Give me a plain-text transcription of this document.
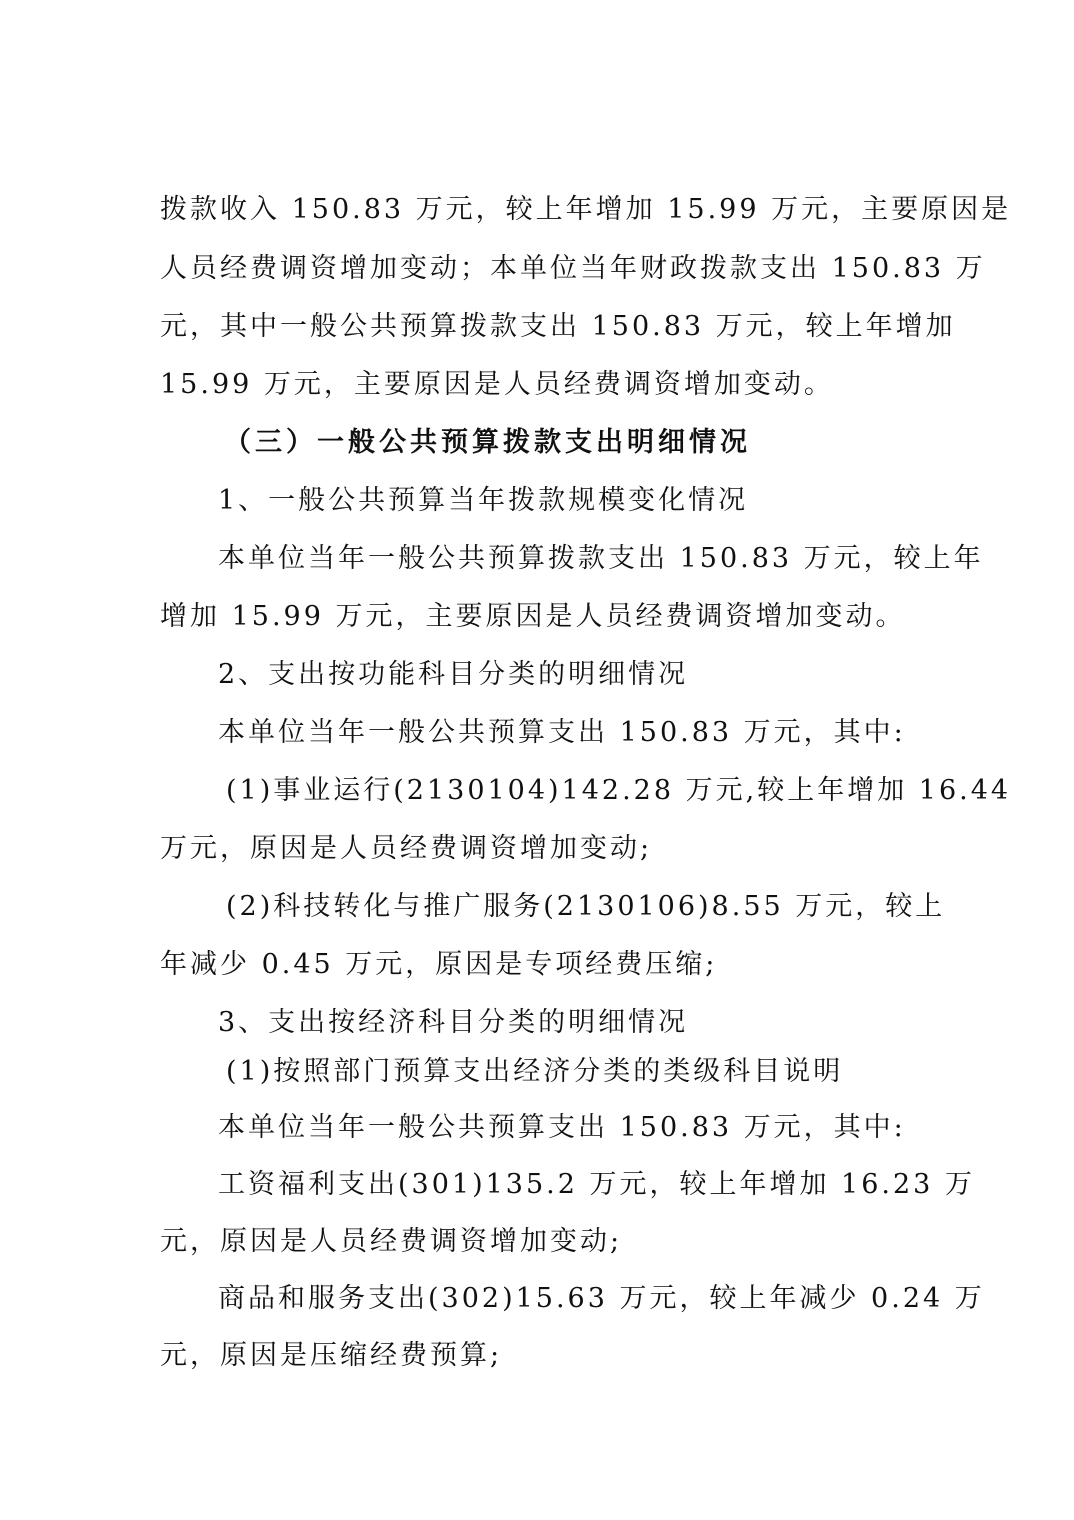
拨款收入 150.83 万元，较上年增加 15.99 万元，主要原因是
人员经费调资增加变动；本单位当年财政拨款支出 150.83 万
元，其中一般公共预算拨款支出 150.83 万元，较上年增加
15.99 万元，主要原因是人员经费调资增加变动。
（三）一般公共预算拨款支出明细情况
1、一般公共预算当年拨款规模变化情况
本单位当年一般公共预算拨款支出 150.83 万元，较上年
增加 15.99 万元，主要原因是人员经费调资增加变动。
2、支出按功能科目分类的明细情况
本单位当年一般公共预算支出 150.83 万元，其中:
(1)事业运行(2130104)142.28 万元,较上年增加 16.44
万元，原因是人员经费调资增加变动;
(2)科技转化与推广服务(2130106)8.55 万元，较上
年减少 0.45 万元，原因是专项经费压缩;
3、支出按经济科目分类的明细情况
(1)按照部门预算支出经济分类的类级科目说明
本单位当年一般公共预算支出 150.83 万元，其中:
工资福利支出(301)135.2 万元，较上年增加 16.23 万
元，原因是人员经费调资增加变动;
商品和服务支出(302)15.63 万元，较上年减少 0.24 万
元，原因是压缩经费预算;
